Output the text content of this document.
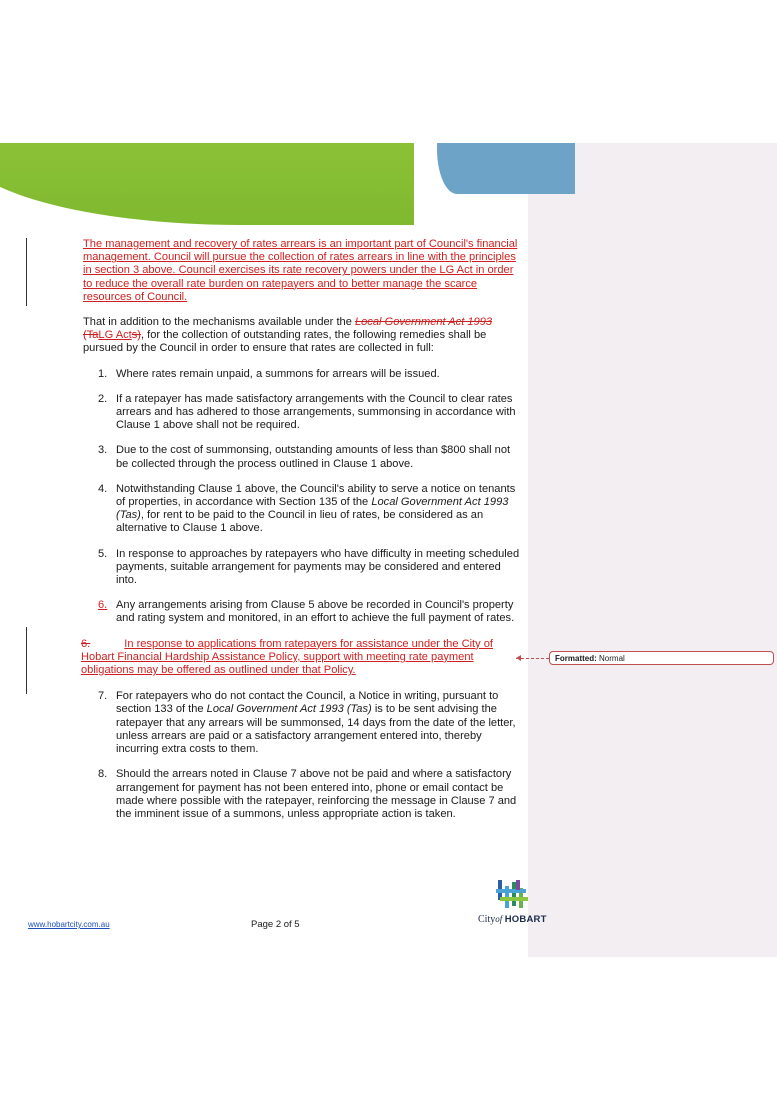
The management and recovery of rates arrears is an important part of Council's financial management. Council will pursue the collection of rates arrears in line with the principles in section 3 above. Council exercises its rate recovery powers under the LG Act in order to reduce the overall rate burden on ratepayers and to better manage the scarce resources of Council.

That in addition to the mechanisms available under the Local Government Act 1993 (TaLG Acts), for the collection of outstanding rates, the following remedies shall be pursued by the Council in order to ensure that rates are collected in full:

1. Where rates remain unpaid, a summons for arrears will be issued.
2. If a ratepayer has made satisfactory arrangements with the Council to clear rates arrears and has adhered to those arrangements, summonsing in accordance with Clause 1 above shall not be required.
3. Due to the cost of summonsing, outstanding amounts of less than $800 shall not be collected through the process outlined in Clause 1 above.
4. Notwithstanding Clause 1 above, the Council's ability to serve a notice on tenants of properties, in accordance with Section 135 of the Local Government Act 1993 (Tas), for rent to be paid to the Council in lieu of rates, be considered as an alternative to Clause 1 above.
5. In response to approaches by ratepayers who have difficulty in meeting scheduled payments, suitable arrangement for payments may be considered and entered into.
6. Any arrangements arising from Clause 5 above be recorded in Council's property and rating system and monitored, in an effort to achieve the full payment of rates.

6.	In response to applications from ratepayers for assistance under the City of Hobart Financial Hardship Assistance Policy, support with meeting rate payment obligations may be offered as outlined under that Policy.

7. For ratepayers who do not contact the Council, a Notice in writing, pursuant to section 133 of the Local Government Act 1993 (Tas) is to be sent advising the ratepayer that any arrears will be summonsed, 14 days from the date of the letter, unless arrears are paid or a satisfactory arrangement entered into, thereby incurring extra costs to them.
8. Should the arrears noted in Clause 7 above not be paid and where a satisfactory arrangement for payment has not been entered into, phone or email contact be made where possible with the ratepayer, reinforcing the message in Clause 7 and the imminent issue of a summons, unless appropriate action is taken.
Formatted: Normal
www.hobartcity.com.au	Page 2 of 5	Cityof HOBART
